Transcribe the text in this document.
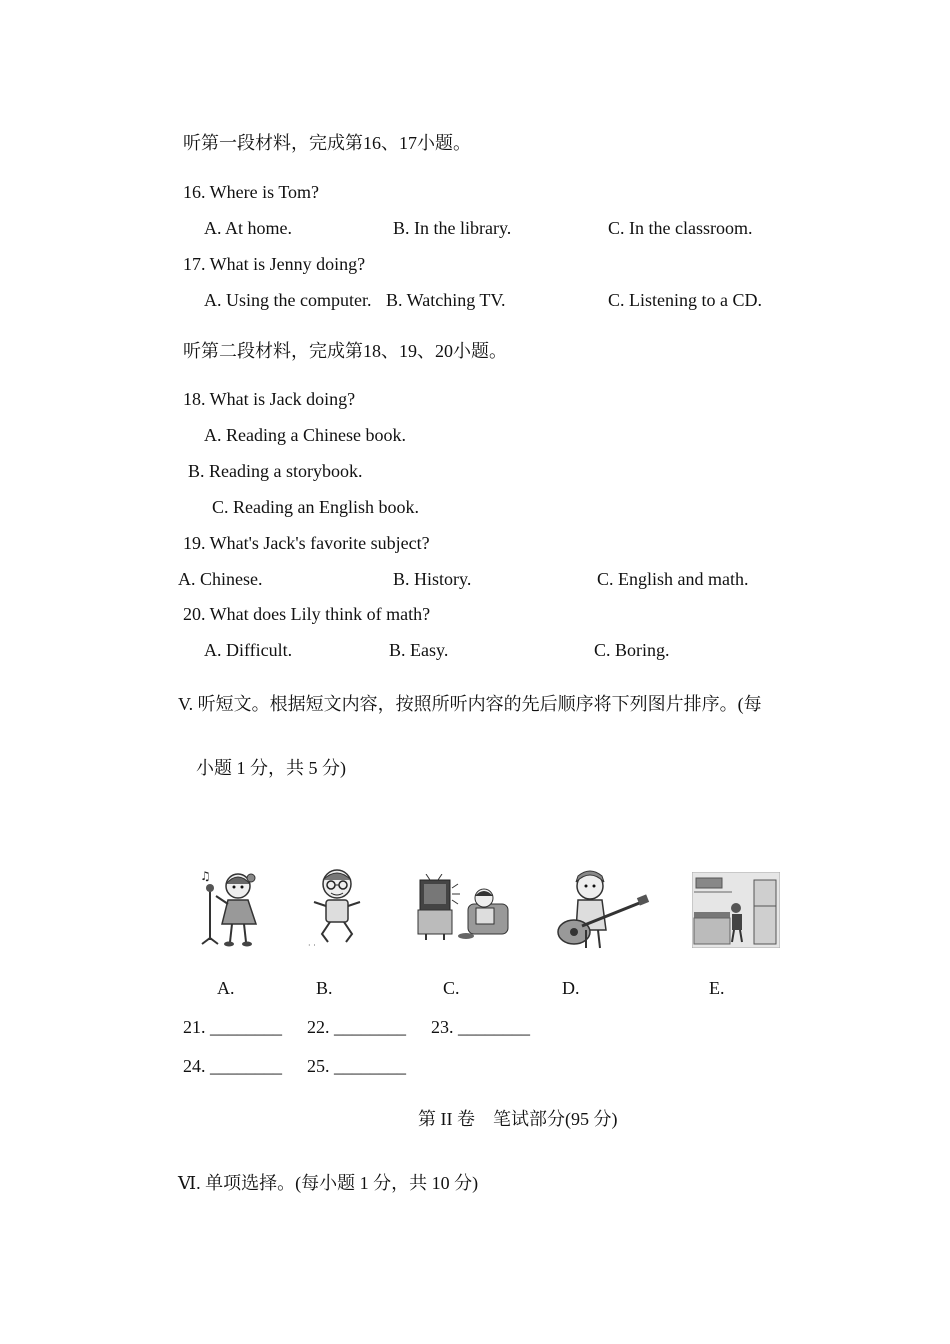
听第一段材料，完成第16、17小题。
16. Where is Tom?
A. At home.	B. In the library.	C. In the classroom.
17. What is Jenny doing?
A. Using the computer. B. Watching TV.	C. Listening to a CD.
听第二段材料，完成第18、19、20小题。
18. What is Jack doing?
A. Reading a Chinese book.
B. Reading a storybook.
C. Reading an English book.
19. What's Jack's favorite subject?
A. Chinese.	B. History.	C. English and math.
20. What does Lily think of math?
A. Difficult.	B. Easy.	C. Boring.
V. 听短文。根据短文内容，按照所听内容的先后顺序将下列图片排序。(每
小题 1 分，共 5 分)
♫
· ·
A.	B.	C.	D.	E.
21. ________ 22. ________ 23. ________
24. ________ 25. ________
第 II 卷　笔试部分(95 分)
Ⅵ. 单项选择。(每小题 1 分，共 10 分)
